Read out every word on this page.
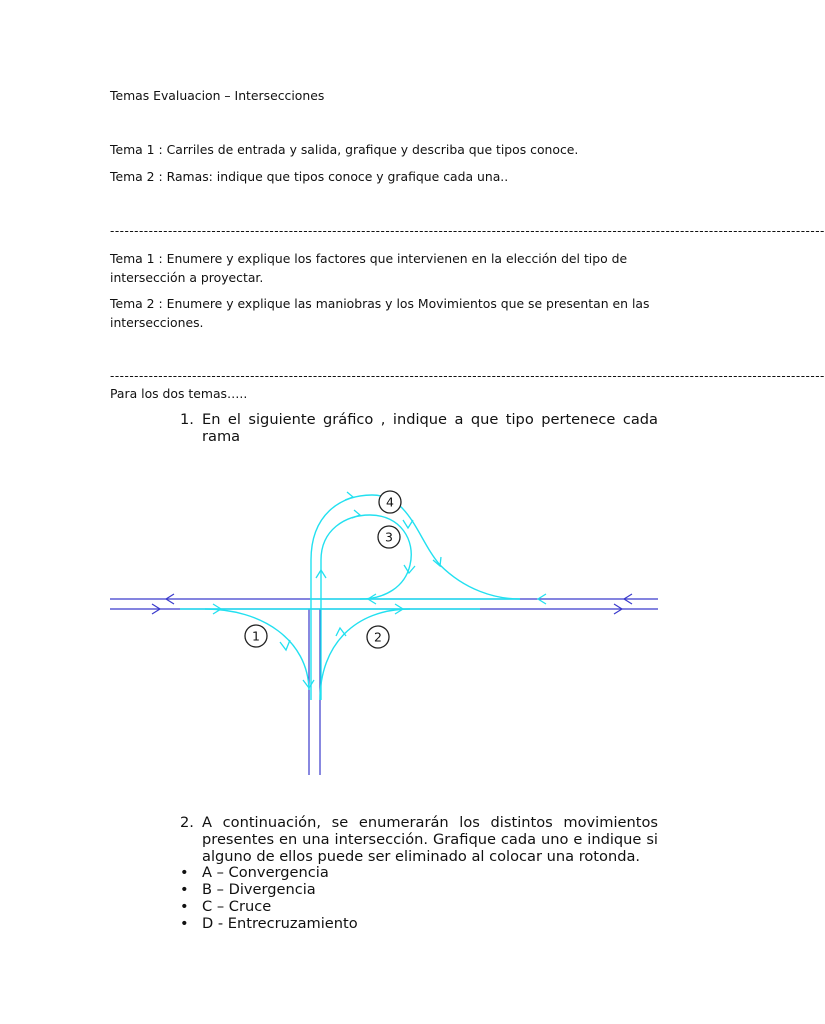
Temas Evaluacion – Intersecciones
Tema 1 : Carriles de entrada y salida, grafique y describa que tipos conoce.
Tema 2 : Ramas: indique que tipos conoce y grafique cada una..
----------------------------------------------------------------------------------------------------------------------------------------------------
Tema 1 : Enumere y explique los factores que intervienen en la elección del tipo de
intersección a proyectar.
Tema 2 : Enumere y explique las maniobras y los Movimientos que se presentan en las
intersecciones.
----------------------------------------------------------------------------------------------------------------------------------------------------
Para los dos temas…..
1. En el siguiente gráfico , indique a que tipo pertenece cada rama
1	2
3
4
2. A continuación, se enumerarán los distintos movimientos presentes en una intersección. Grafique cada uno e indique si alguno de ellos puede ser eliminado al colocar una rotonda.
• A – Convergencia
• B – Divergencia
• C – Cruce
• D - Entrecruzamiento
